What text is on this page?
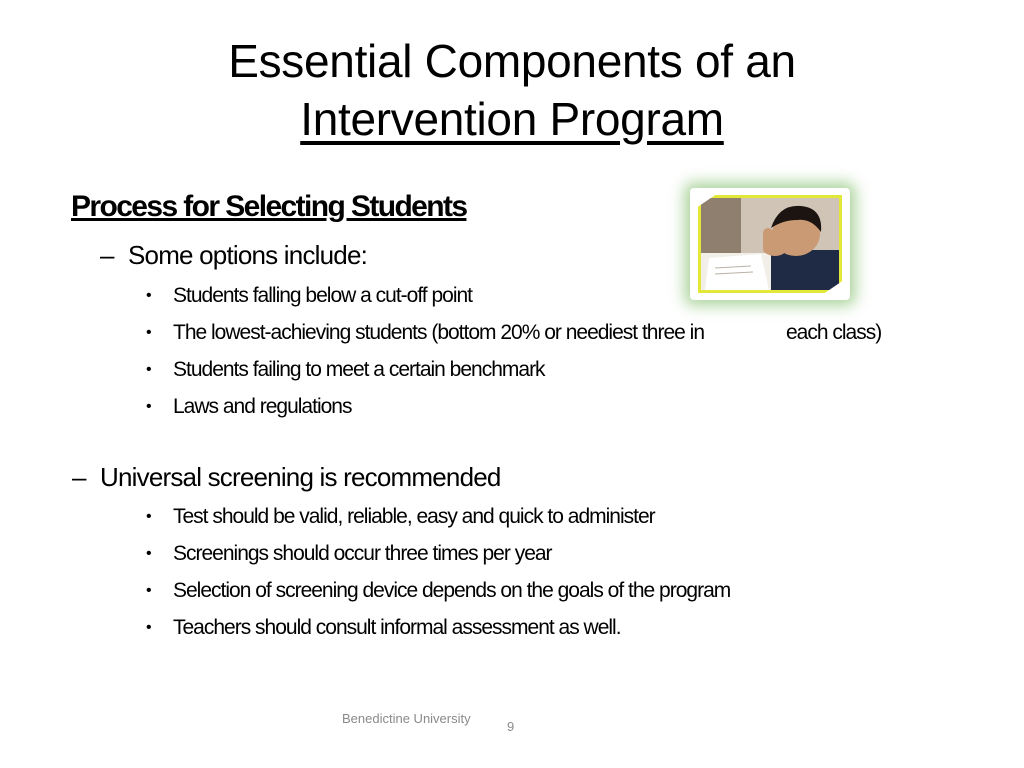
Essential Components of an
Intervention Program
Process for Selecting Students
– Some options include:
• Students falling below a cut-off point
• The lowest-achieving students (bottom 20% or neediest three in	each class)
• Students failing to meet a certain benchmark
• Laws and regulations
– Universal screening is recommended
• Test should be valid, reliable, easy and quick to administer
• Screenings should occur three times per year
• Selection of screening device depends on the goals of the program
• Teachers should consult informal assessment as well.
Benedictine University
9
